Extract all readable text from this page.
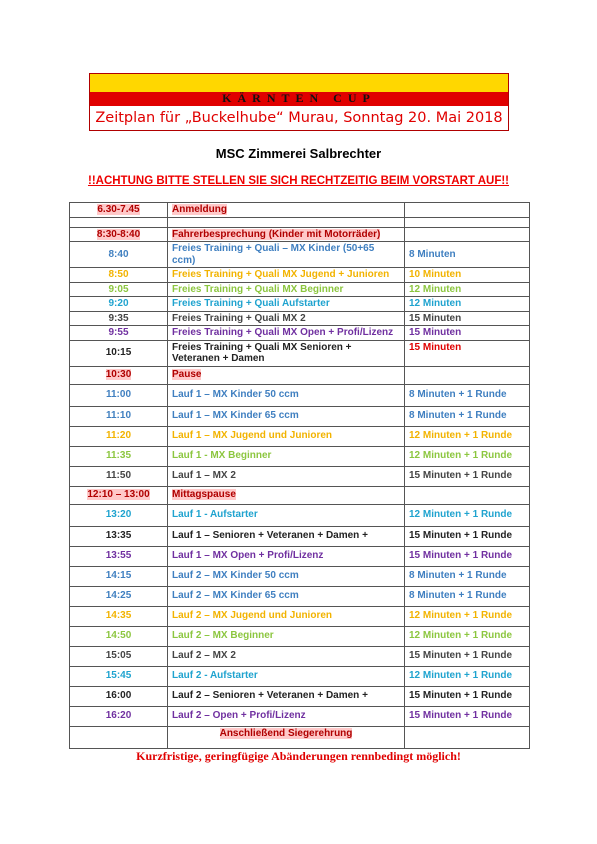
KÄRNTEN CUP
Zeitplan für „Buckelhube“ Murau, Sonntag 20. Mai 2018
MSC Zimmerei Salbrechter
!!ACHTUNG BITTE STELLEN SIE SICH RECHTZEITIG BEIM VORSTART AUF!!
6.30-7.45	Anmeldung	

8:30-8:40	Fahrerbesprechung (Kinder mit Motorräder)	
8:40	Freies Training + Quali – MX Kinder (50+65 ccm)	8 Minuten
8:50	Freies Training + Quali MX Jugend + Junioren	10 Minuten
9:05	Freies Training + Quali MX Beginner	12 Minuten
9:20	Freies Training + Quali Aufstarter	12 Minuten
9:35	Freies Training + Quali MX 2	15 Minuten
9:55	Freies Training + Quali MX Open + Profi/Lizenz	15 Minuten
10:15	Freies Training + Quali MX Senioren + Veteranen + Damen	15 Minuten
10:30	Pause	
11:00	Lauf 1 – MX Kinder 50 ccm	8 Minuten + 1 Runde
11:10	Lauf 1 – MX Kinder 65 ccm	8 Minuten + 1 Runde
11:20	Lauf 1 – MX Jugend und Junioren	12 Minuten + 1 Runde
11:35	Lauf 1 - MX Beginner	12 Minuten + 1 Runde
11:50	Lauf 1 – MX 2	15 Minuten + 1 Runde
12:10 – 13:00	Mittagspause	
13:20	Lauf 1 - Aufstarter	12 Minuten + 1 Runde
13:35	Lauf 1 – Senioren + Veteranen + Damen +	15 Minuten + 1 Runde
13:55	Lauf 1 – MX Open + Profi/Lizenz	15 Minuten + 1 Runde
14:15	Lauf 2 – MX Kinder 50 ccm	8 Minuten + 1 Runde
14:25	Lauf 2 – MX Kinder 65 ccm	8 Minuten + 1 Runde
14:35	Lauf 2 – MX Jugend und Junioren	12 Minuten + 1 Runde
14:50	Lauf 2 – MX Beginner	12 Minuten + 1 Runde
15:05	Lauf 2 – MX 2	15 Minuten + 1 Runde
15:45	Lauf 2 - Aufstarter	12 Minuten + 1 Runde
16:00	Lauf 2 – Senioren + Veteranen + Damen +	15 Minuten + 1 Runde
16:20	Lauf 2 – Open + Profi/Lizenz	15 Minuten + 1 Runde
	Anschließend Siegerehrung	
Kurzfristige, geringfügige Abänderungen rennbedingt möglich!
